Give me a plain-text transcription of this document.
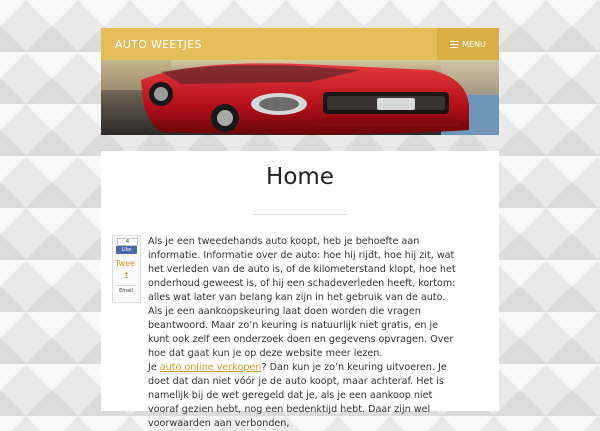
AUTO WEETJES	MENU
Home
4
Like
Twee
↥
Email

Als je een tweedehands auto koopt, heb je behoefte aan informatie. Informatie over de auto: hoe hij rijdt, hoe hij zit, wat het verleden van de auto is, of de kilometerstand klopt, hoe het onderhoud geweest is, of hij een schadeverleden heeft, kortom: alles wat later van belang kan zijn in het gebruik van de auto. Als je een aankoopskeuring laat doen worden die vragen beantwoord. Maar zo’n keuring is natuurlijk niet gratis, en je kunt ook zelf een onderzoek doen en gegevens opvragen. Over hoe dat gaat kun je op deze website meer lezen.
Je auto online verkopen? Dan kun je zo’n keuring uitvoeren. Je doet dat dan niet vóór je de auto koopt, maar achteraf. Het is namelijk bij de wet geregeld dat je, als je een aankoop niet vooraf gezien hebt, nog een bedenktijd hebt. Daar zijn wel voorwaarden aan verbonden,
